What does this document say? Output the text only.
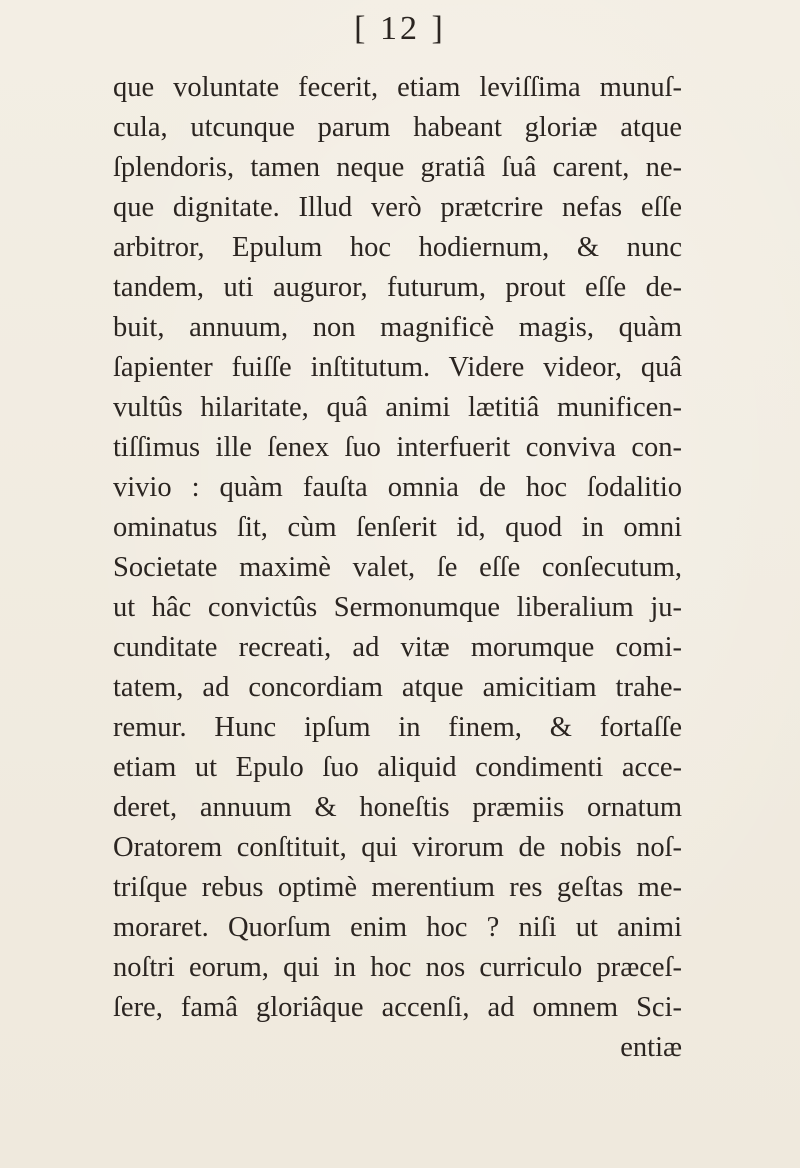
[ 12 ]
que voluntate fecerit, etiam leviſſima munuſ-
cula, utcunque parum habeant gloriæ atque
ſplendoris, tamen neque gratiâ ſuâ carent, ne-
que dignitate. Illud verò prætcrire nefas eſſe
arbitror, Epulum hoc hodiernum, & nunc
tandem, uti auguror, futurum, prout eſſe de-
buit, annuum, non magnificè magis, quàm
ſapienter fuiſſe inſtitutum. Videre videor, quâ
vultûs hilaritate, quâ animi lætitiâ munificen-
tiſſimus ille ſenex ſuo interfuerit conviva con-
vivio : quàm fauſta omnia de hoc ſodalitio
ominatus ſit, cùm ſenſerit id, quod in omni
Societate maximè valet, ſe eſſe conſecutum,
ut hâc convictûs Sermonumque liberalium ju-
cunditate recreati, ad vitæ morumque comi-
tatem, ad concordiam atque amicitiam trahe-
remur. Hunc ipſum in finem, & fortaſſe
etiam ut Epulo ſuo aliquid condimenti acce-
deret, annuum & honeſtis præmiis ornatum
Oratorem conſtituit, qui virorum de nobis noſ-
triſque rebus optimè merentium res geſtas me-
moraret. Quorſum enim hoc ? niſi ut animi
noſtri eorum, qui in hoc nos curriculo præceſ-
ſere, famâ gloriâque accenſi, ad omnem Sci-
entiæ
